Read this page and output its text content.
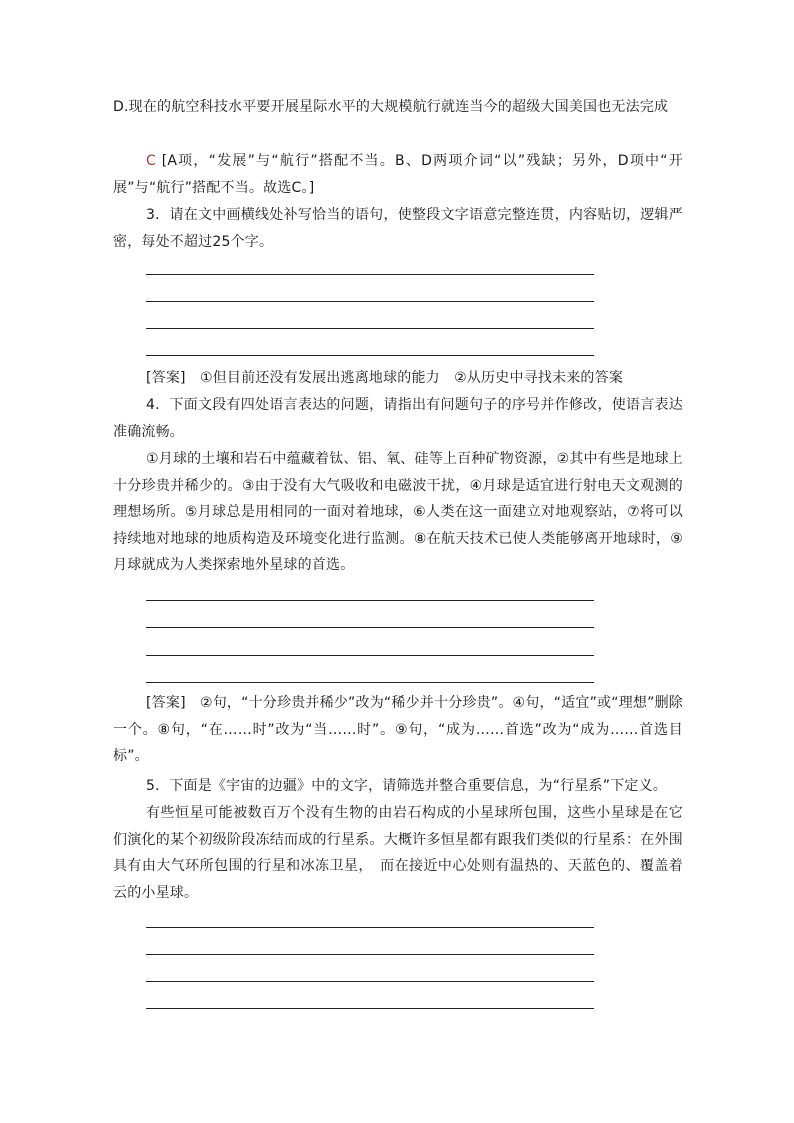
D.现在的航空科技水平要开展星际水平的大规模航行就连当今的超级大国美国也无法完成

C [A项，“发展”与“航行”搭配不当。B、D两项介词“以”残缺；另外，D项中“开展”与“航行”搭配不当。故选C。]

3．请在文中画横线处补写恰当的语句，使整段文字语意完整连贯，内容贴切，逻辑严密，每处不超过25个字。

[答案]　 ①但目前还没有发展出逃离地球的能力　②从历史中寻找未来的答案

4．下面文段有四处语言表达的问题，请指出有问题句子的序号并作修改，使语言表达准确流畅。

①月球的土壤和岩石中蕴藏着钛、铝、氧、硅等上百种矿物资源，②其中有些是地球上十分珍贵并稀少的。③由于没有大气吸收和电磁波干扰，④月球是适宜进行射电天文观测的理想场所。⑤月球总是用相同的一面对着地球，⑥人类在这一面建立对地观察站，⑦将可以持续地对地球的地质构造及环境变化进行监测。⑧在航天技术已使人类能够离开地球时，⑨月球就成为人类探索地外星球的首选。

[答案]　 ②句，“十分珍贵并稀少”改为“稀少并十分珍贵”。④句，“适宜”或“理想”删除一个。⑧句，“在……时”改为“当……时”。⑨句，“成为……首选”改为“成为……首选目标”。

5．下面是《宇宙的边疆》中的文字，请筛选并整合重要信息，为“行星系”下定义。

有些恒星可能被数百万个没有生物的由岩石构成的小星球所包围，这些小星球是在它们演化的某个初级阶段冻结而成的行星系。大概许多恒星都有跟我们类似的行星系：在外围具有由大气环所包围的行星和冰冻卫星，　而在接近中心处则有温热的、天蓝色的、覆盖着云的小星球。
